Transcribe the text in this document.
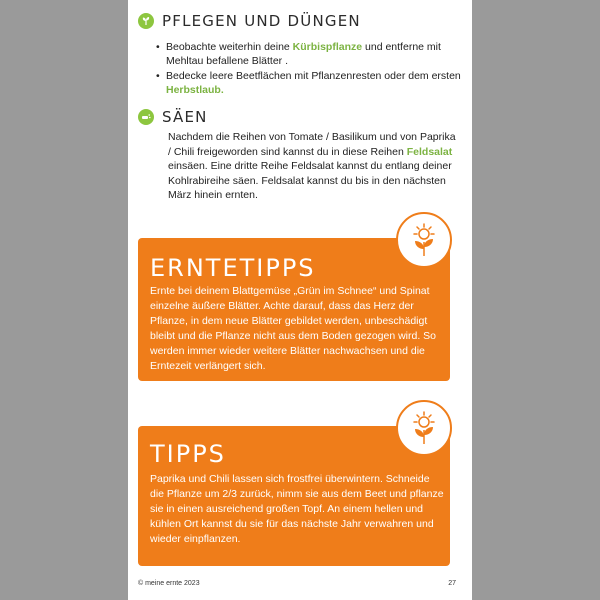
PFLEGEN UND DÜNGEN
• Beobachte weiterhin deine Kürbispflanze und entferne mit Mehltau befallene Blätter .
• Bedecke leere Beetflächen mit Pflanzenresten oder dem ersten Herbstlaub.
SÄEN

Nachdem die Reihen von Tomate / Basilikum und von Paprika / Chili freigeworden sind kannst du in diese Reihen Feldsalat einsäen. Eine dritte Reihe Feldsalat kannst du entlang deiner Kohlrabireihe säen. Feldsalat kannst du bis in den nächsten März hinein ernten.

ERNTETIPPS

Ernte bei deinem Blattgemüse „Grün im Schnee“ und Spinat einzelne äußere Blätter. Achte darauf, dass das Herz der Pflanze, in dem neue Blätter gebildet werden, unbeschädigt bleibt und die Pflanze nicht aus dem Boden gezogen wird. So werden immer wieder weitere Blätter nachwachsen und die Erntezeit verlängert sich.

TIPPS

Paprika und Chili lassen sich frostfrei überwintern. Schneide die Pflanze um 2/3 zurück, nimm sie aus dem Beet und pflanze sie in einen ausreichend großen Topf. An einem hellen und kühlen Ort kannst du sie für das nächste Jahr verwahren und wieder einpflanzen.

© meine ernte 2023	27
